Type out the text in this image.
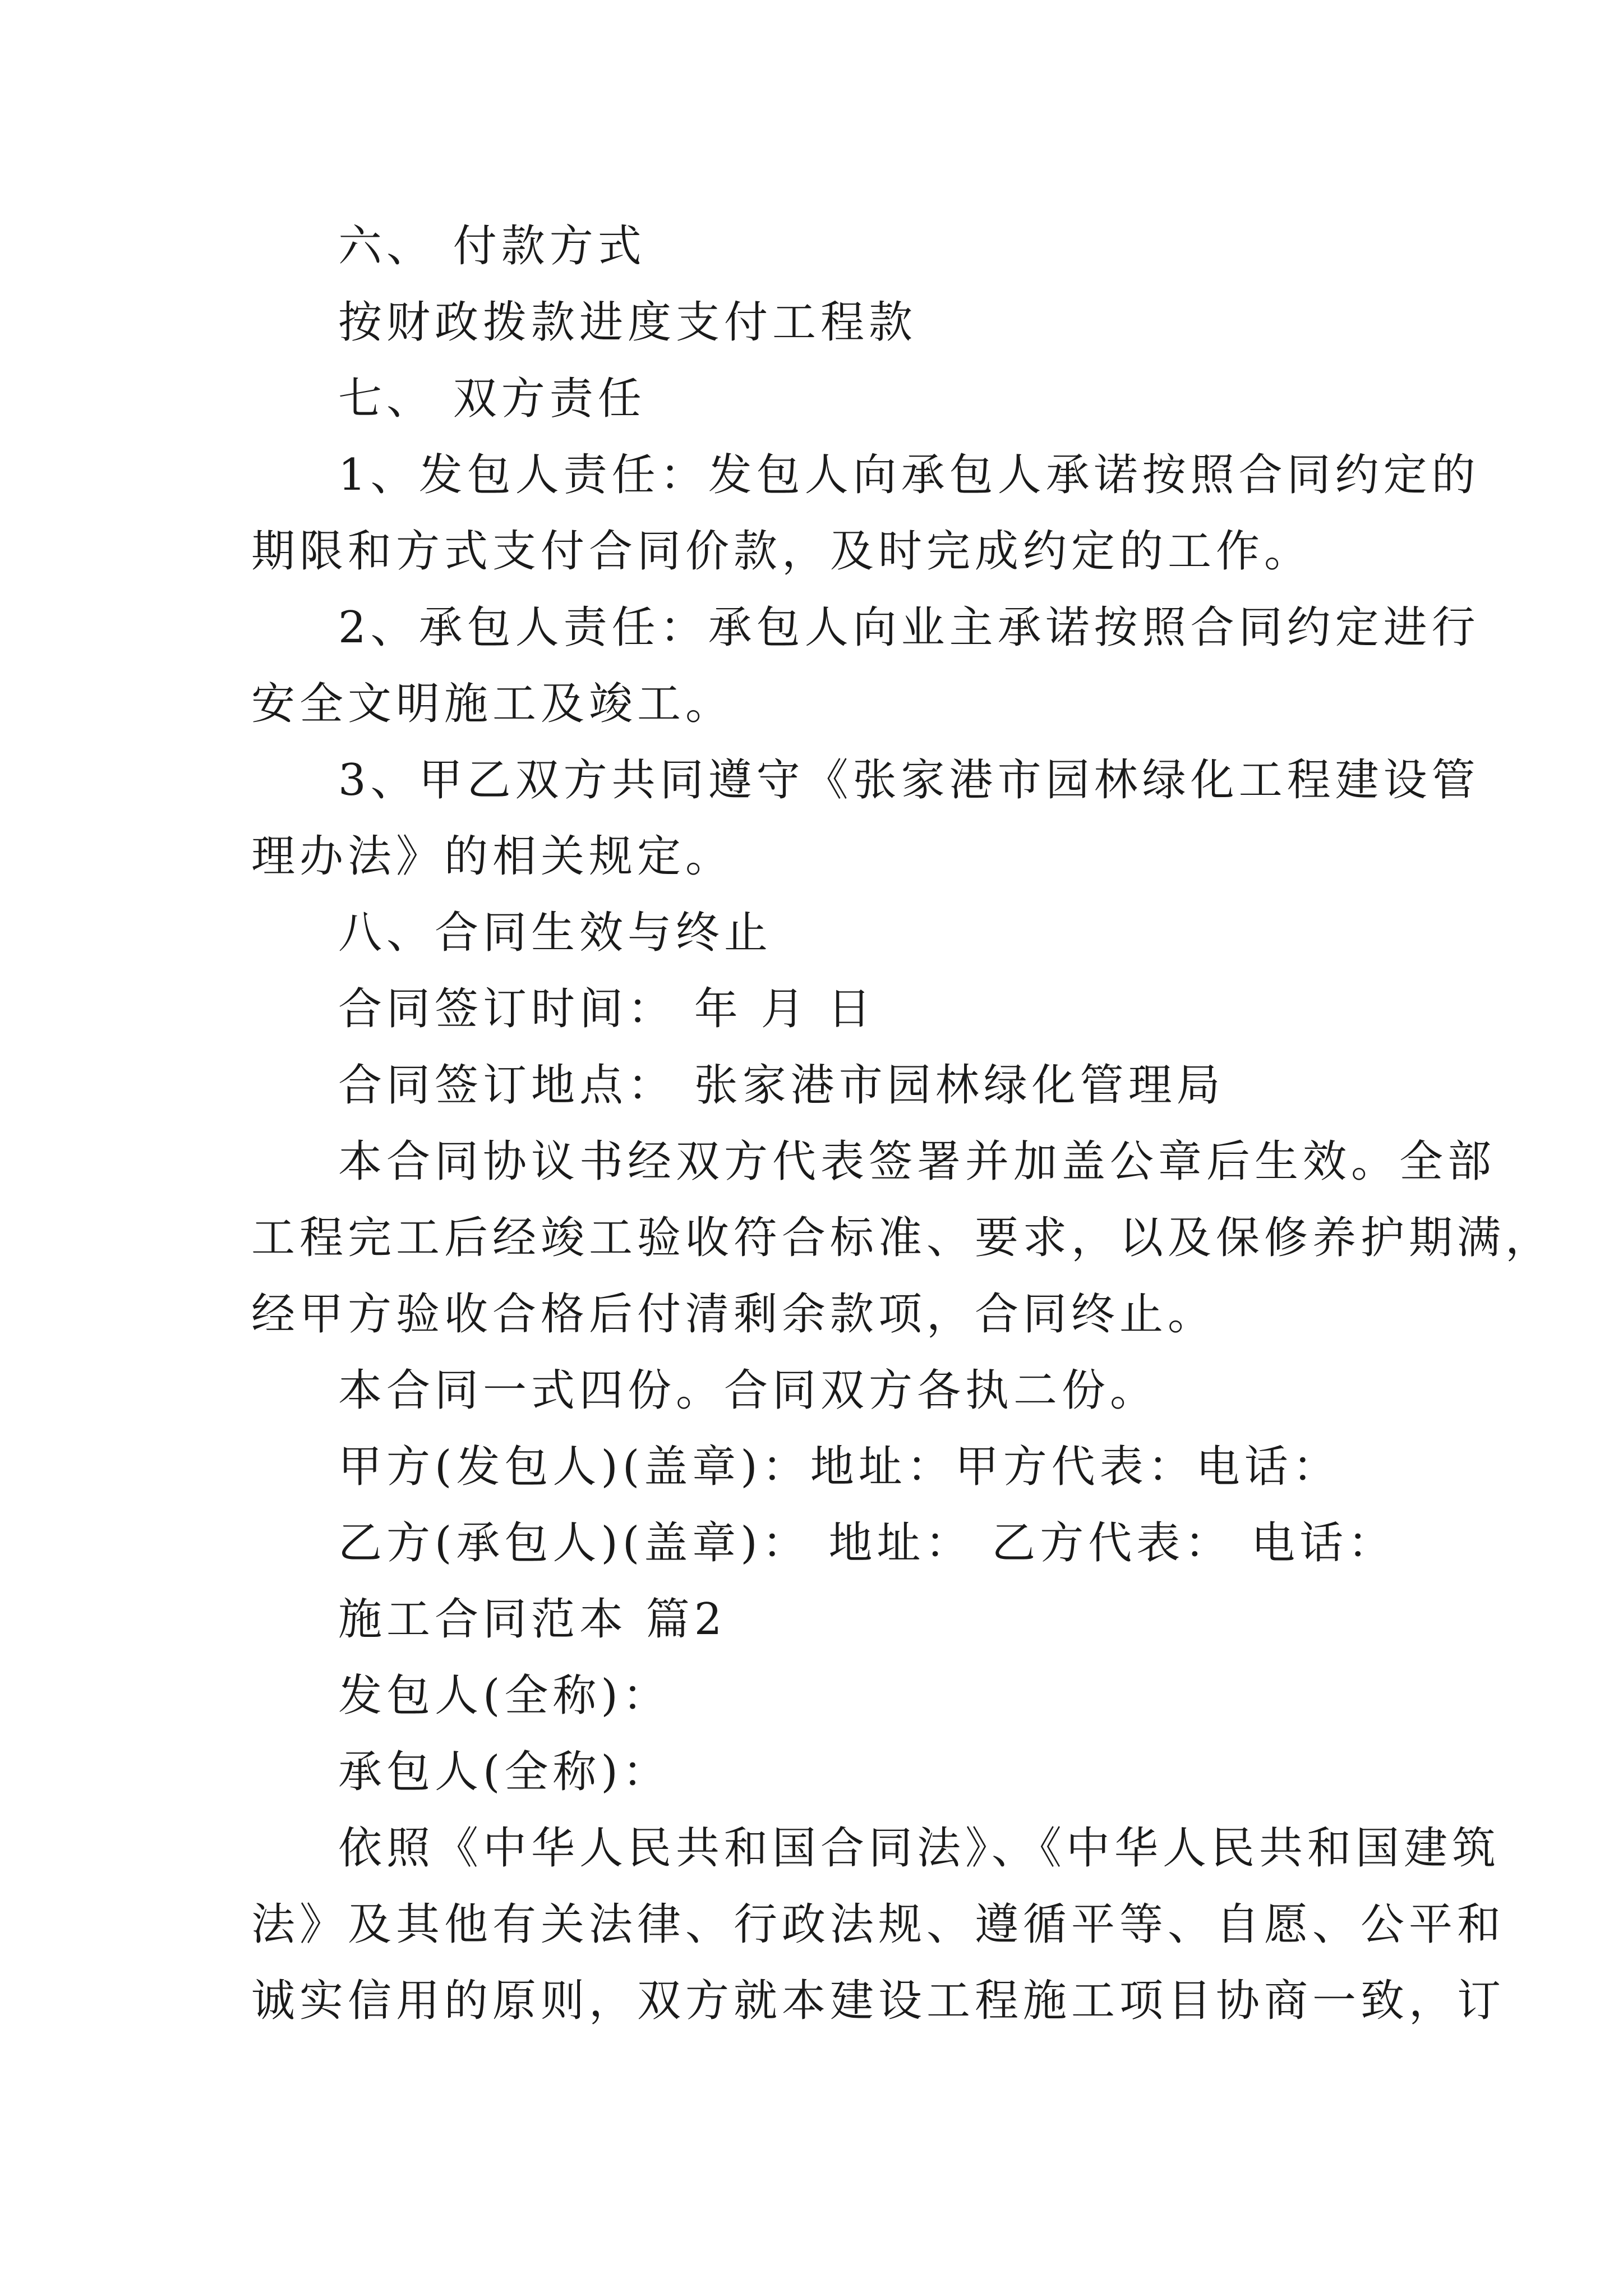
六、 付款方式
按财政拨款进度支付工程款
七、 双方责任
1、发包人责任：发包人向承包人承诺按照合同约定的
期限和方式支付合同价款，及时完成约定的工作。
2、承包人责任：承包人向业主承诺按照合同约定进行
安全文明施工及竣工。
3、甲乙双方共同遵守《张家港市园林绿化工程建设管
理办法》的相关规定。
八、合同生效与终止
合同签订时间： 年 月 日
合同签订地点： 张家港市园林绿化管理局
本合同协议书经双方代表签署并加盖公章后生效。全部
工程完工后经竣工验收符合标准、要求，以及保修养护期满，
经甲方验收合格后付清剩余款项，合同终止。
本合同一式四份。合同双方各执二份。
甲方(发包人)(盖章)：地址：甲方代表：电话：
乙方(承包人)(盖章)： 地址： 乙方代表： 电话：
施工合同范本 篇2
发包人(全称)：
承包人(全称)：
依照《中华人民共和国合同法》、《中华人民共和国建筑
法》及其他有关法律、行政法规、遵循平等、自愿、公平和
诚实信用的原则，双方就本建设工程施工项目协商一致，订
